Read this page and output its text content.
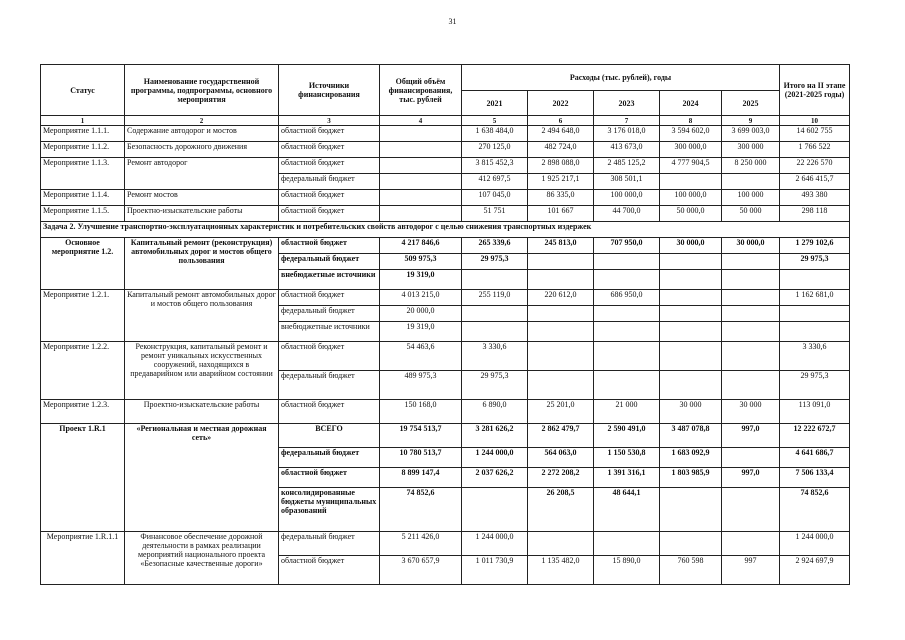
31
Статус	Наименование государственной программы, подпрограммы, основного мероприятия	Источники финансирования	Общий объём финансирования, тыс. рублей	Расходы (тыс. рублей), годы					Итого на II этапе (2021-2025 годы)
				2021	2022	2023	2024	2025	
1	2	3	4	5	6	7	8	9	10
Мероприятие 1.1.1.	Содержание автодорог и мостов	областной бюджет		1 638 484,0	2 494 648,0	3 176 018,0	3 594 602,0	3 699 003,0	14 602 755
Мероприятие 1.1.2.	Безопасность дорожного движения	областной бюджет		270 125,0	482 724,0	413 673,0	300 000,0	300 000	1 766 522
Мероприятие 1.1.3.	Ремонт автодорог	областной бюджет		3 815 452,3	2 898 088,0	2 485 125,2	4 777 904,5	8 250 000	22 226 570
		федеральный бюджет		412 697,5	1 925 217,1	308 501,1			2 646 415,7
Мероприятие 1.1.4.	Ремонт мостов	областной бюджет		107 045,0	86 335,0	100 000,0	100 000,0	100 000	493 380
Мероприятие 1.1.5.	Проектно-изыскательские работы	областной бюджет		51 751	101 667	44 700,0	50 000,0	50 000	298 118
Задача 2. Улучшение транспортно-эксплуатационных характеристик и потребительских свойств автодорог с целью снижения транспортных издержек									
Основное мероприятие 1.2.	Капитальный ремонт (реконструкция) автомобильных дорог и мостов общего пользования	областной бюджет	4 217 846,6	265 339,6	245 813,0	707 950,0	30 000,0	30 000,0	1 279 102,6
		федеральный бюджет	509 975,3	29 975,3					29 975,3
		внебюджетные источники	19 319,0						
Мероприятие 1.2.1.	Капитальный ремонт автомобильных дорог и мостов общего пользования	областной бюджет	4 013 215,0	255 119,0	220 612,0	686 950,0			1 162 681,0
		федеральный бюджет	20 000,0						
		внебюджетные источники	19 319,0						
Мероприятие 1.2.2.	Реконструкция, капитальный ремонт и ремонт уникальных искусственных сооружений, находящихся в предаварийном или аварийном состоянии	областной бюджет	54 463,6	3 330,6					3 330,6
		федеральный бюджет	489 975,3	29 975,3					29 975,3
Мероприятие 1.2.3.	Проектно-изыскательские работы	областной бюджет	150 168,0	6 890,0	25 201,0	21 000	30 000	30 000	113 091,0
Проект 1.R.1	«Региональная и местная дорожная сеть»	ВСЕГО	19 754 513,7	3 281 626,2	2 862 479,7	2 590 491,0	3 487 078,8	997,0	12 222 672,7
		федеральный бюджет	10 780 513,7	1 244 000,0	564 063,0	1 150 530,8	1 683 092,9		4 641 686,7
		областной бюджет	8 899 147,4	2 037 626,2	2 272 208,2	1 391 316,1	1 803 985,9	997,0	7 506 133,4
		консолидированные бюджеты муниципальных образований	74 852,6		26 208,5	48 644,1			74 852,6
Мероприятие 1.R.1.1	Финансовое обеспечение дорожной деятельности в рамках реализации мероприятий национального проекта «Безопасные качественные дороги»	федеральный бюджет	5 211 426,0	1 244 000,0					1 244 000,0
		областной бюджет	3 670 657,9	1 011 730,9	1 135 482,0	15 890,0	760 598	997	2 924 697,9
